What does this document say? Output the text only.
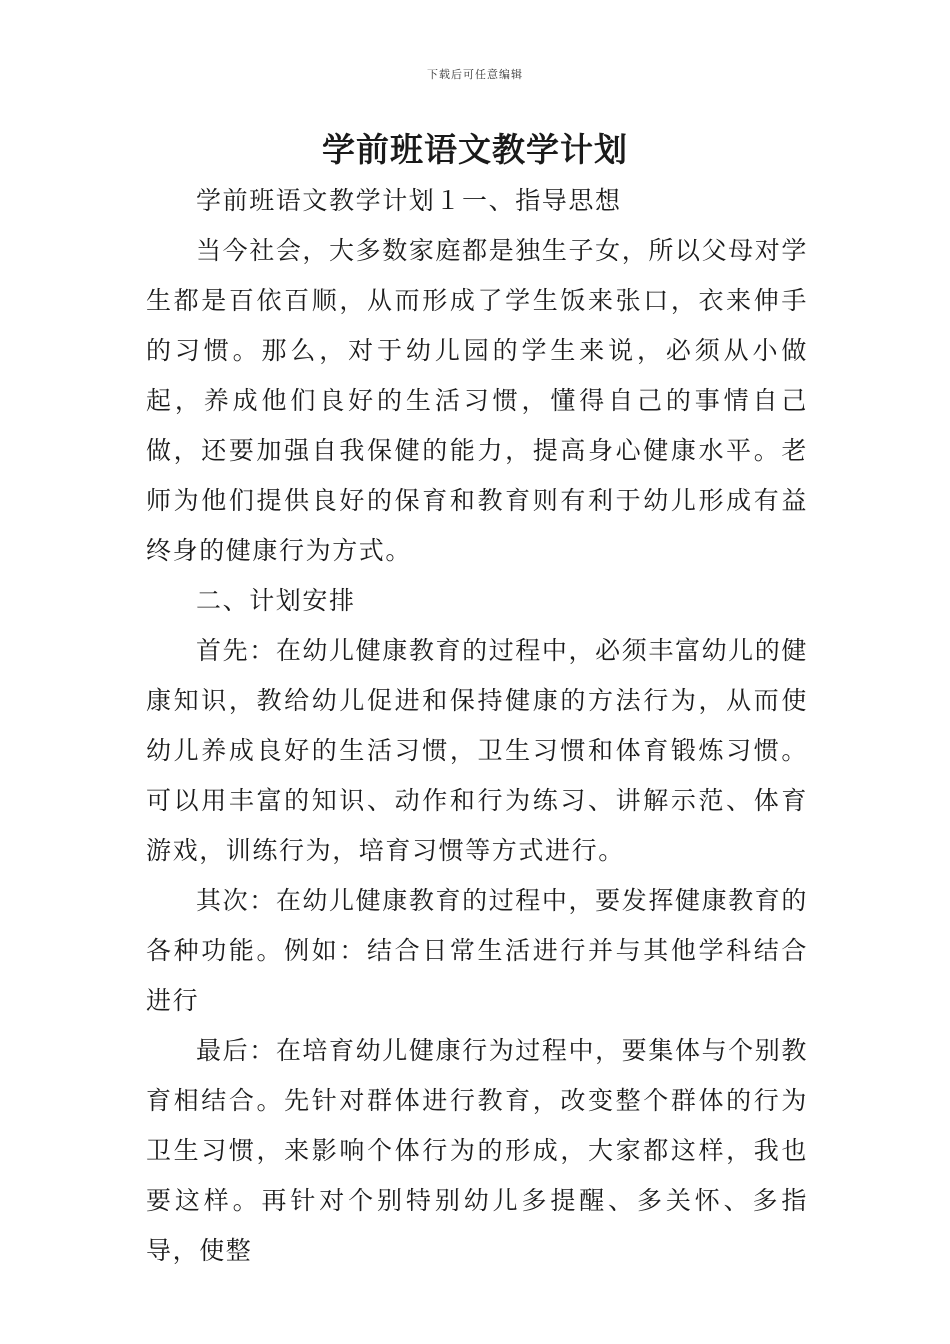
下载后可任意编辑
学前班语文教学计划

学前班语文教学计划１一、指导思想

当今社会，大多数家庭都是独生子女，所以父母对学生都是百依百顺，从而形成了学生饭来张口，衣来伸手的习惯。那么，对于幼儿园的学生来说，必须从小做起，养成他们良好的生活习惯，懂得自己的事情自己做，还要加强自我保健的能力，提高身心健康水平。老师为他们提供良好的保育和教育则有利于幼儿形成有益终身的健康行为方式。

二、计划安排

首先：在幼儿健康教育的过程中，必须丰富幼儿的健康知识，教给幼儿促进和保持健康的方法行为，从而使幼儿养成良好的生活习惯，卫生习惯和体育锻炼习惯。可以用丰富的知识、动作和行为练习、讲解示范、体育游戏，训练行为，培育习惯等方式进行。

其次：在幼儿健康教育的过程中，要发挥健康教育的各种功能。例如：结合日常生活进行并与其他学科结合进行

最后：在培育幼儿健康行为过程中，要集体与个别教育相结合。先针对群体进行教育，改变整个群体的行为卫生习惯，来影响个体行为的形成，大家都这样，我也要这样。再针对个别特别幼儿多提醒、多关怀、多指导，使整
